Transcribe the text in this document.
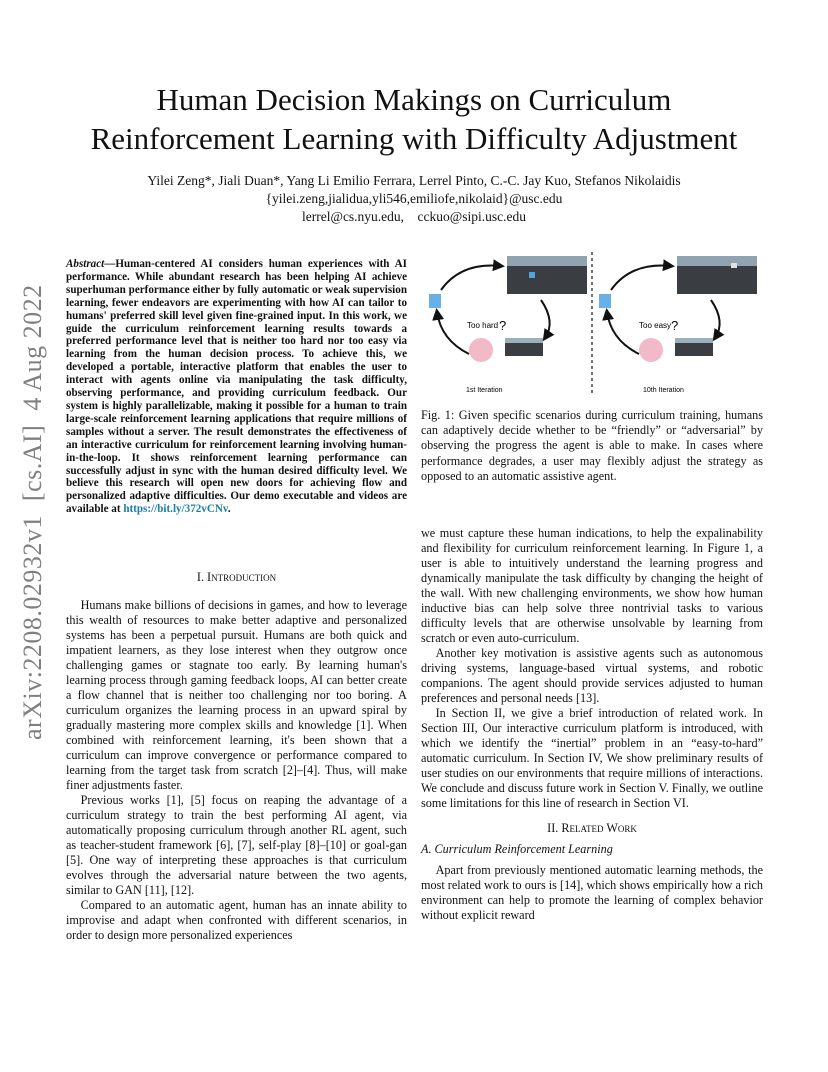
Human Decision Makings on Curriculum
Reinforcement Learning with Difficulty Adjustment
Yilei Zeng*, Jiali Duan*, Yang Li Emilio Ferrara, Lerrel Pinto, C.-C. Jay Kuo, Stefanos Nikolaidis
{yilei.zeng,jialidua,yli546,emiliofe,nikolaid}@usc.edu
lerrel@cs.nyu.edu,    cckuo@sipi.usc.edu
arXiv:2208.02932v1  [cs.AI]  4 Aug 2022
Abstract—Human-centered AI considers human experiences with AI performance. While abundant research has been helping AI achieve superhuman performance either by fully automatic or weak supervision learning, fewer endeavors are experimenting with how AI can tailor to humans' preferred skill level given fine-grained input. In this work, we guide the curriculum reinforcement learning results towards a preferred performance level that is neither too hard nor too easy via learning from the human decision process. To achieve this, we developed a portable, interactive platform that enables the user to interact with agents online via manipulating the task difficulty, observing performance, and providing curriculum feedback. Our system is highly parallelizable, making it possible for a human to train large-scale reinforcement learning applications that require millions of samples without a server. The result demonstrates the effectiveness of an interactive curriculum for reinforcement learning involving human-in-the-loop. It shows reinforcement learning performance can successfully adjust in sync with the human desired difficulty level. We believe this research will open new doors for achieving flow and personalized adaptive difficulties. Our demo executable and videos are available at https://bit.ly/372vCNv.
I. Introduction

Humans make billions of decisions in games, and how to leverage this wealth of resources to make better adaptive and personalized systems has been a perpetual pursuit. Humans are both quick and impatient learners, as they lose interest when they outgrow once challenging games or stagnate too early. By learning human's learning process through gaming feedback loops, AI can better create a flow channel that is neither too challenging nor too boring. A curriculum organizes the learning process in an upward spiral by gradually mastering more complex skills and knowledge [1]. When combined with reinforcement learning, it's been shown that a curriculum can improve convergence or performance compared to learning from the target task from scratch [2]–[4]. Thus, will make finer adjustments faster.

Previous works [1], [5] focus on reaping the advantage of a curriculum strategy to train the best performing AI agent, via automatically proposing curriculum through another RL agent, such as teacher-student framework [6], [7], self-play [8]–[10] or goal-gan [5]. One way of interpreting these approaches is that curriculum evolves through the adversarial nature between the two agents, similar to GAN [11], [12].

Compared to an automatic agent, human has an innate ability to improvise and adapt when confronted with different scenarios, in order to design more personalized experiences

Too hard ?
1st Iteration
Too easy ?
10th Iteration
Fig. 1: Given specific scenarios during curriculum training, humans can adaptively decide whether to be “friendly” or “adversarial” by observing the progress the agent is able to make. In cases where performance degrades, a user may flexibly adjust the strategy as opposed to an automatic assistive agent.
we must capture these human indications, to help the expalinability and flexibility for curriculum reinforcement learning. In Figure 1, a user is able to intuitively understand the learning progress and dynamically manipulate the task difficulty by changing the height of the wall. With new challenging environments, we show how human inductive bias can help solve three nontrivial tasks to various difficulty levels that are otherwise unsolvable by learning from scratch or even auto-curriculum.

Another key motivation is assistive agents such as autonomous driving systems, language-based virtual systems, and robotic companions. The agent should provide services adjusted to human preferences and personal needs [13].

In Section II, we give a brief introduction of related work. In Section III, Our interactive curriculum platform is introduced, with which we identify the “inertial” problem in an “easy-to-hard” automatic curriculum. In Section IV, We show preliminary results of user studies on our environments that require millions of interactions. We conclude and discuss future work in Section V. Finally, we outline some limitations for this line of research in Section VI.

II. Related Work
A. Curriculum Reinforcement Learning

Apart from previously mentioned automatic learning methods, the most related work to ours is [14], which shows empirically how a rich environment can help to promote the learning of complex behavior without explicit reward
